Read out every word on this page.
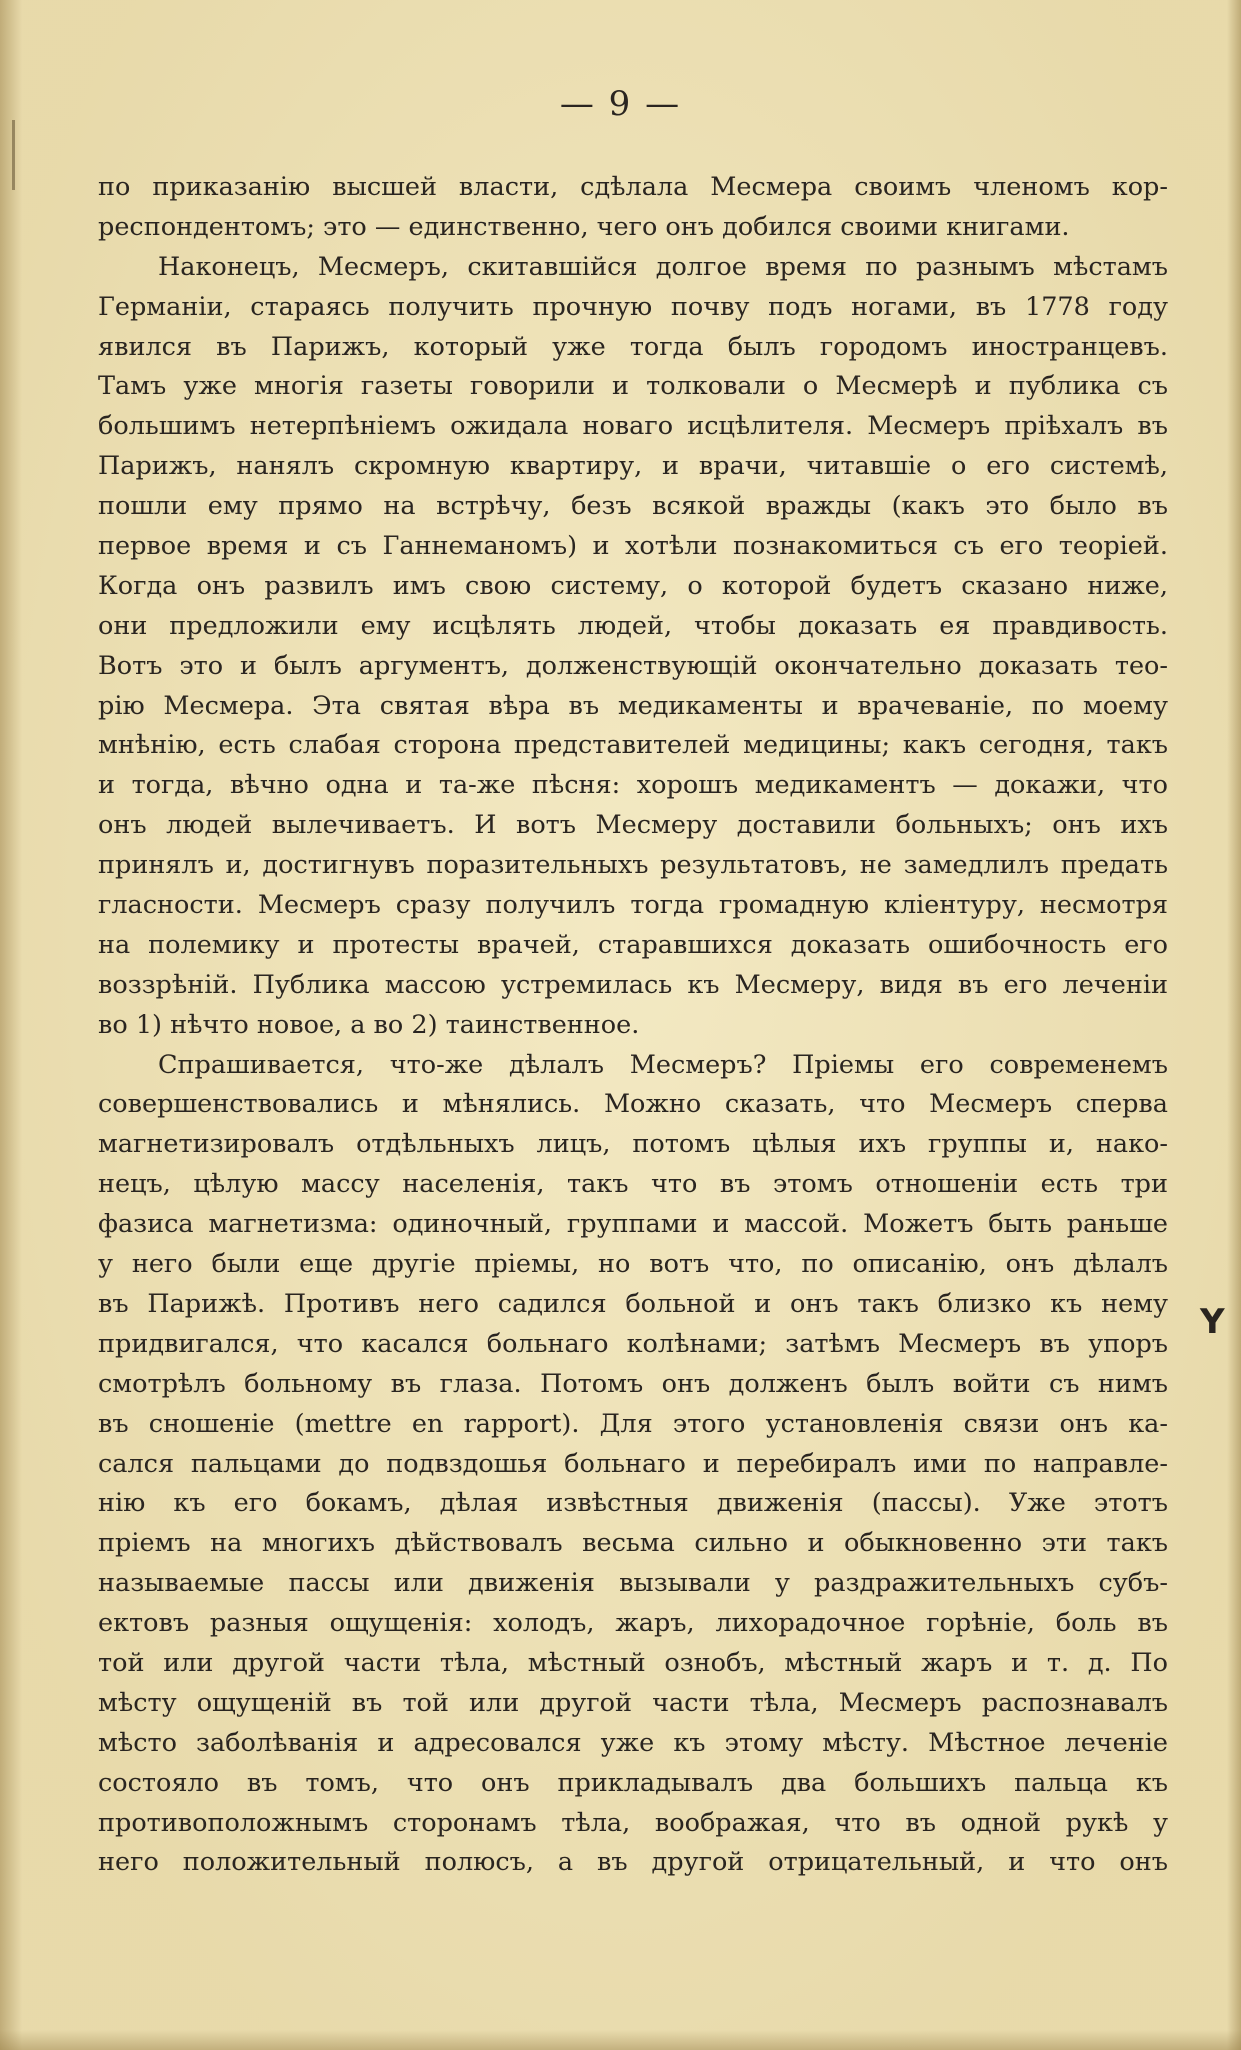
— 9 —
по приказанію высшей власти, сдѣлала Месмера своимъ членомъ кор-
респондентомъ; это — единственно, чего онъ добился своими книгами.
Наконецъ, Месмеръ, скитавшійся долгое время по разнымъ мѣстамъ
Германіи, стараясь получить прочную почву подъ ногами, въ 1778 году
явился въ Парижъ, который уже тогда былъ городомъ иностранцевъ.
Тамъ уже многія газеты говорили и толковали о Месмерѣ и публика съ
большимъ нетерпѣніемъ ожидала новаго исцѣлителя. Месмеръ пріѣхалъ въ
Парижъ, нанялъ скромную квартиру, и врачи, читавшіе о его системѣ,
пошли ему прямо на встрѣчу, безъ всякой вражды (какъ это было въ
первое время и съ Ганнеманомъ) и хотѣли познакомиться съ его теоріей.
Когда онъ развилъ имъ свою систему, о которой будетъ сказано ниже,
они предложили ему исцѣлять людей, чтобы доказать ея правдивость.
Вотъ это и былъ аргументъ, долженствующій окончательно доказать тео-
рію Месмера. Эта святая вѣра въ медикаменты и врачеваніе, по моему
мнѣнію, есть слабая сторона представителей медицины; какъ сегодня, такъ
и тогда, вѣчно одна и та-же пѣсня: хорошъ медикаментъ — докажи, что
онъ людей вылечиваетъ. И вотъ Месмеру доставили больныхъ; онъ ихъ
принялъ и, достигнувъ поразительныхъ результатовъ, не замедлилъ предать
гласности. Месмеръ сразу получилъ тогда громадную кліентуру, несмотря
на полемику и протесты врачей, старавшихся доказать ошибочность его
воззрѣній. Публика массою устремилась къ Месмеру, видя въ его леченіи
во 1) нѣчто новое, а во 2) таинственное.
Спрашивается, что-же дѣлалъ Месмеръ? Пріемы его современемъ
совершенствовались и мѣнялись. Можно сказать, что Месмеръ сперва
магнетизировалъ отдѣльныхъ лицъ, потомъ цѣлыя ихъ группы и, нако-
нецъ, цѣлую массу населенія, такъ что въ этомъ отношеніи есть три
фазиса магнетизма: одиночный, группами и массой. Можетъ быть раньше
у него были еще другіе пріемы, но вотъ что, по описанію, онъ дѣлалъ
въ Парижѣ. Противъ него садился больной и онъ такъ близко къ нему
придвигался, что касался больнаго колѣнами; затѣмъ Месмеръ въ упоръ
смотрѣлъ больному въ глаза. Потомъ онъ долженъ былъ войти съ нимъ
въ сношеніе (mettre en rapport). Для этого установленія связи онъ ка-
сался пальцами до подвздошья больнаго и перебиралъ ими по направле-
нію къ его бокамъ, дѣлая извѣстныя движенія (пассы). Уже этотъ
пріемъ на многихъ дѣйствовалъ весьма сильно и обыкновенно эти такъ
называемые пассы или движенія вызывали у раздражительныхъ субъ-
ектовъ разныя ощущенія: холодъ, жаръ, лихорадочное горѣніе, боль въ
той или другой части тѣла, мѣстный ознобъ, мѣстный жаръ и т. д. По
мѣсту ощущеній въ той или другой части тѣла, Месмеръ распознавалъ
мѣсто заболѣванія и адресовался уже къ этому мѣсту. Мѣстное леченіе
состояло въ томъ, что онъ прикладывалъ два большихъ пальца къ
противоположнымъ сторонамъ тѣла, воображая, что въ одной рукѣ у
него положительный полюсъ, а въ другой отрицательный, и что онъ
Y
